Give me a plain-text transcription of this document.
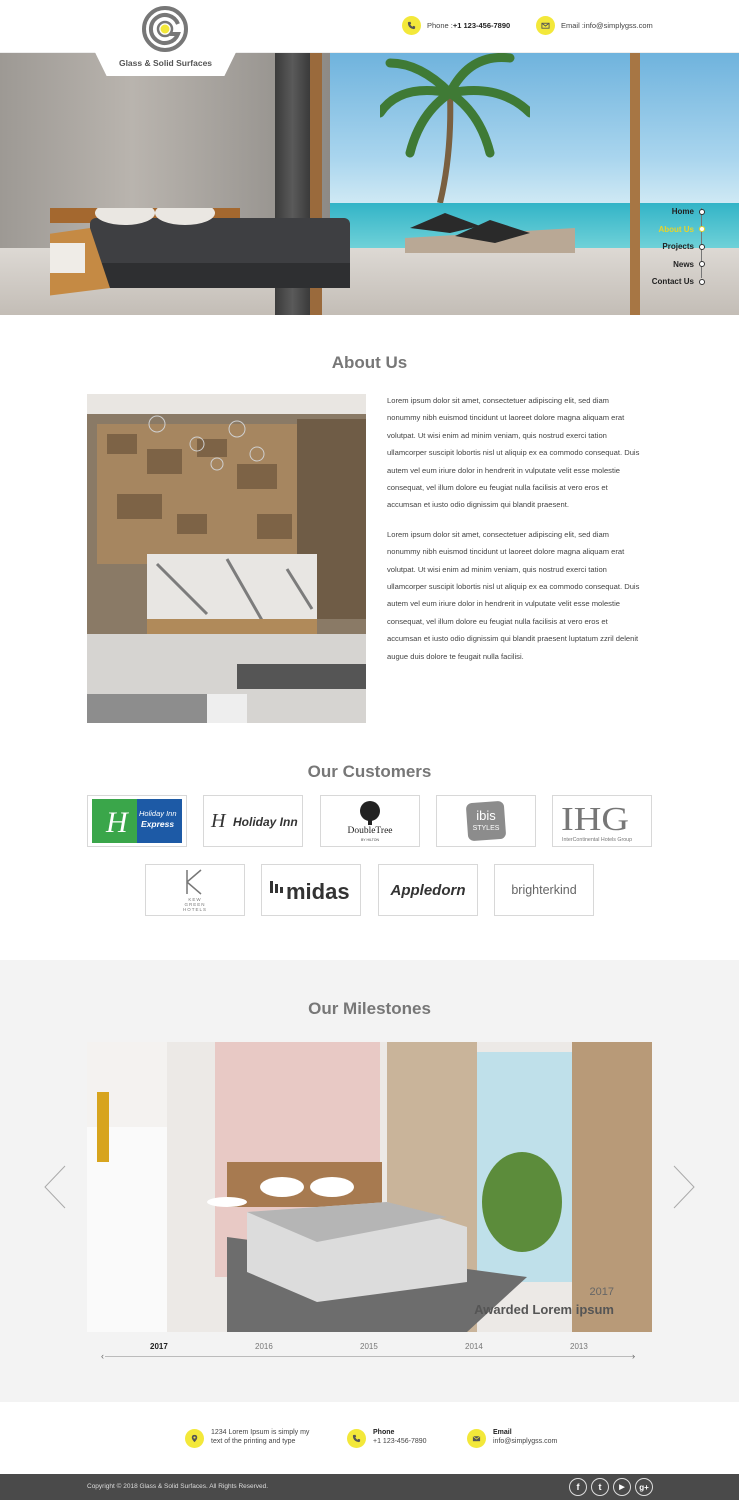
Phone : +1 123-456-7890	Email : info@simplygss.com
Glass & Solid Surfaces
Home
About Us
Projects
News
Contact Us
About Us

Lorem ipsum dolor sit amet, consectetuer adipiscing elit, sed diam nonummy nibh euismod tincidunt ut laoreet dolore magna aliquam erat volutpat. Ut wisi enim ad minim veniam, quis nostrud exerci tation ullamcorper suscipit lobortis nisl ut aliquip ex ea commodo consequat. Duis autem vel eum iriure dolor in hendrerit in vulputate velit esse molestie consequat, vel illum dolore eu feugiat nulla facilisis at vero eros et accumsan et iusto odio dignissim qui blandit praesent.

Lorem ipsum dolor sit amet, consectetuer adipiscing elit, sed diam nonummy nibh euismod tincidunt ut laoreet dolore magna aliquam erat volutpat. Ut wisi enim ad minim veniam, quis nostrud exerci tation ullamcorper suscipit lobortis nisl ut aliquip ex ea commodo consequat. Duis autem vel eum iriure dolor in hendrerit in vulputate velit esse molestie consequat, vel illum dolore eu feugiat nulla facilisis at vero eros et accumsan et iusto odio dignissim qui blandit praesent luptatum zzril delenit augue duis dolore te feugait nulla facilisi.

Our Customers
H	Holiday Inn
Express H Holiday Inn
DoubleTree
BY HILTON
ibis
STYLES IHG
InterContinental Hotels Group
KEW
GREEN
HOTELS
midas	Appledorn	brighterkind
Our Milestones
2017
Awarded Lorem ipsum
2017	2016	2015	2014	2013
‹	›
1234 Lorem Ipsum is simply my text of the printing and type
Phone
+1 123-456-7890
Email
info@simplygss.com
Copyright © 2018 Glass & Solid Surfaces. All Rights Reserved.	f	t	▶	g+
